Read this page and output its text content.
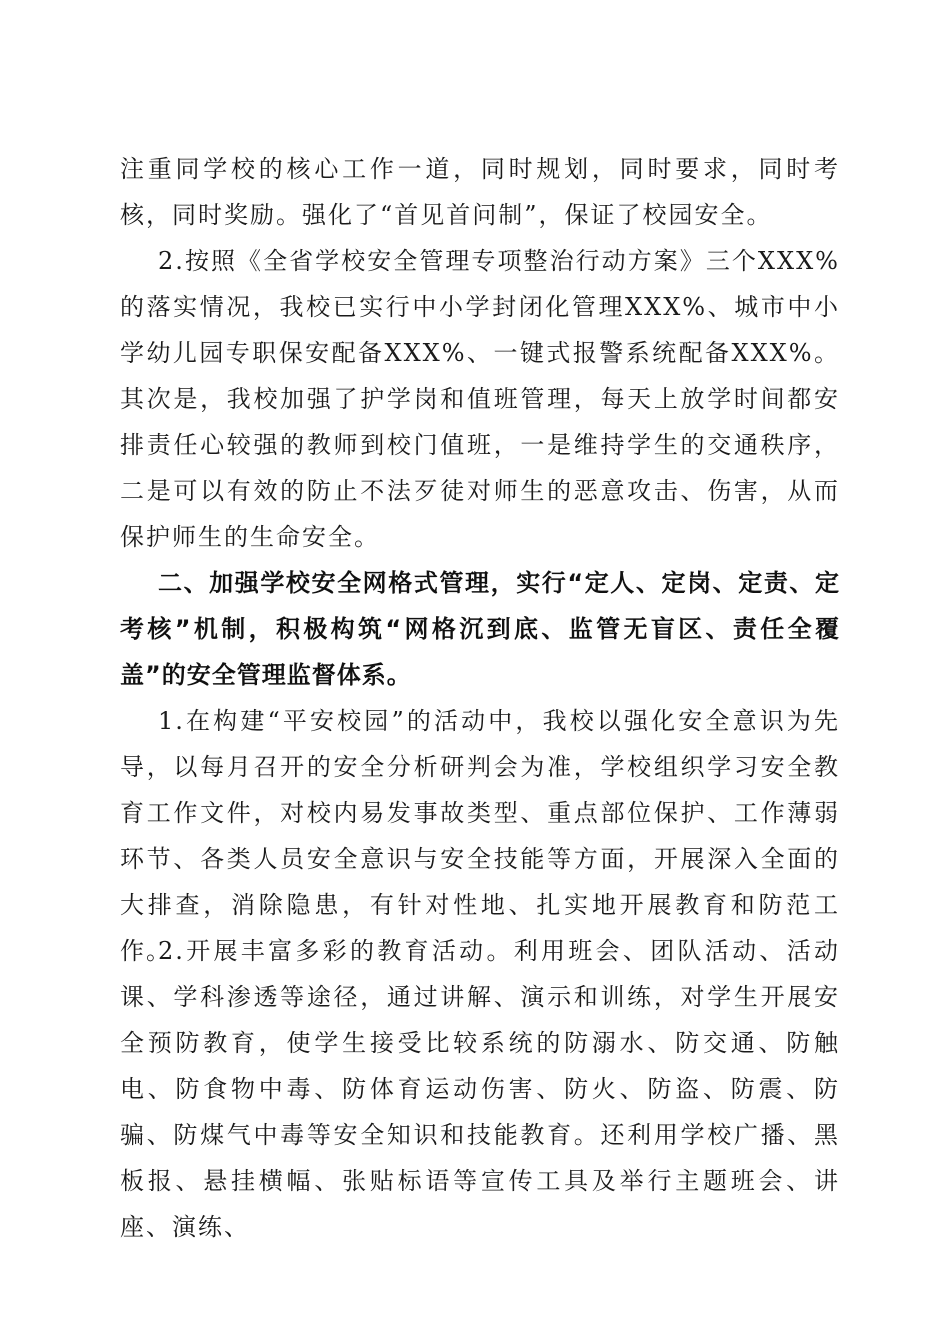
注重同学校的核心工作一道，同时规划，同时要求，同时考核，同时奖励。强化了“首见首问制”，保证了校园安全。

2.按照《全省学校安全管理专项整治行动方案》三个XXX%的落实情况，我校已实行中小学封闭化管理XXX%、城市中小学幼儿园专职保安配备XXX%、一键式报警系统配备XXX%。其次是，我校加强了护学岗和值班管理，每天上放学时间都安排责任心较强的教师到校门值班，一是维持学生的交通秩序，二是可以有效的防止不法歹徒对师生的恶意攻击、伤害，从而保护师生的生命安全。

二、加强学校安全网格式管理，实行“定人、定岗、定责、定考核”机制，积极构筑“网格沉到底、监管无盲区、责任全覆盖”的安全管理监督体系。

1.在构建“平安校园”的活动中，我校以强化安全意识为先导，以每月召开的安全分析研判会为准，学校组织学习安全教育工作文件，对校内易发事故类型、重点部位保护、工作薄弱环节、各类人员安全意识与安全技能等方面，开展深入全面的大排查，消除隐患，有针对性地、扎实地开展教育和防范工作。

2.开展丰富多彩的教育活动。利用班会、团队活动、活动课、学科渗透等途径，通过讲解、演示和训练，对学生开展安全预防教育，使学生接受比较系统的防溺水、防交通、防触电、防食物中毒、防体育运动伤害、防火、防盗、防震、防骗、防煤气中毒等安全知识和技能教育。还利用学校广播、黑板报、悬挂横幅、张贴标语等宣传工具及举行主题班会、讲座、演练、
